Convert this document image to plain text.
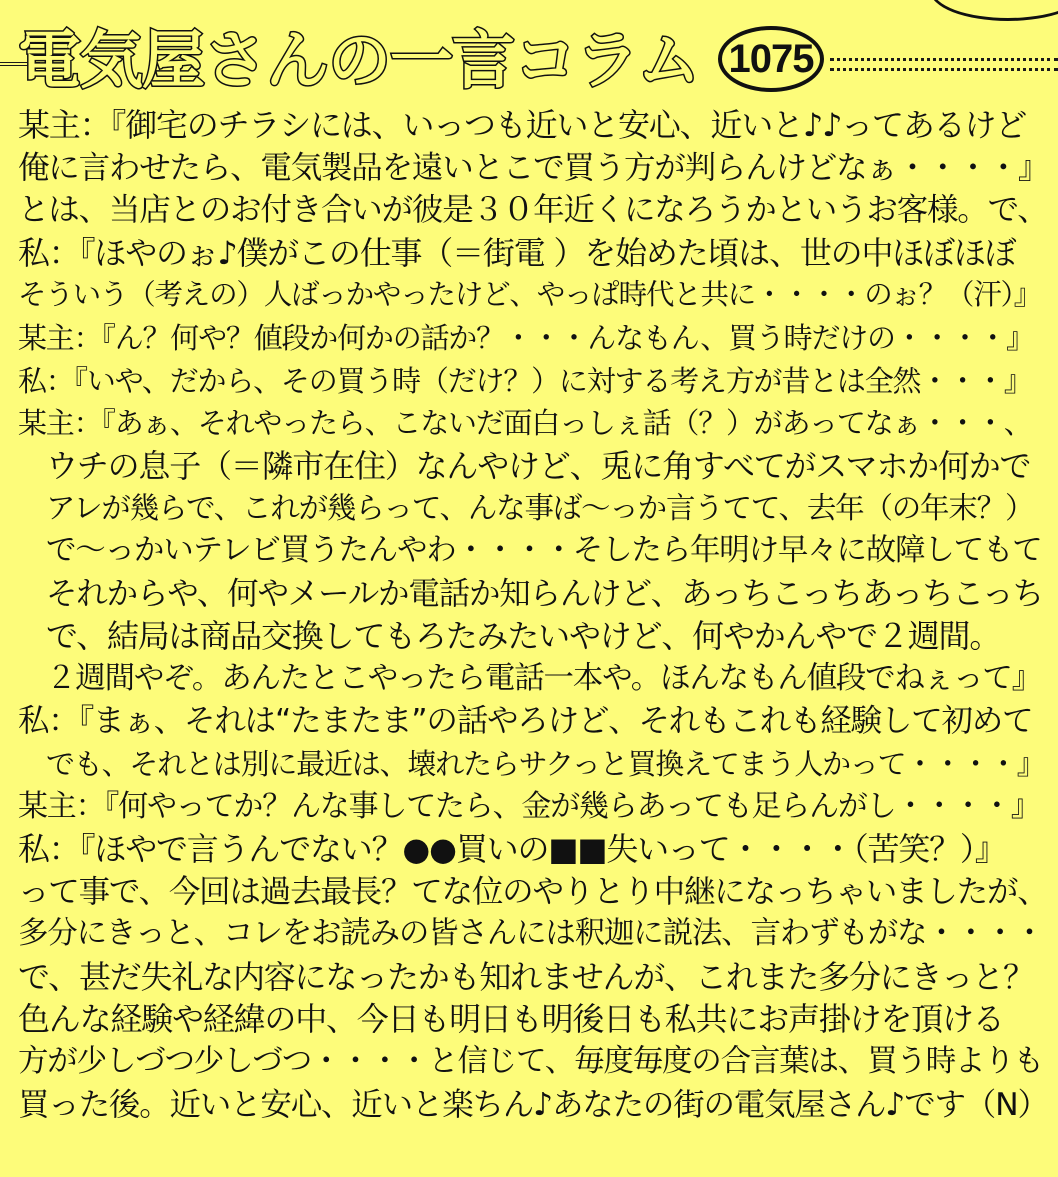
電気屋さんの一言コラム 1075
某主：『御宅のチラシには、いっつも近いと安心、近いと♪♪ってあるけど
俺に言わせたら、電気製品を遠いとこで買う方が判らんけどなぁ・・・・』
とは、当店とのお付き合いが彼是３０年近くになろうかというお客様。で、
私：『ほやのぉ♪僕がこの仕事（＝街電 ）を始めた頃は、世の中ほぼほぼ
そういう（考えの）人ばっかやったけど、やっぱ時代と共に・・・・のぉ？（汗）』
某主：『ん？何や？値段か何かの話か？・・・んなもん、買う時だけの・・・・』
私：『いや、だから、その買う時（だけ？）に対する考え方が昔とは全然・・・』
某主：『あぁ、それやったら、こないだ面白っしぇ話（？）があってなぁ・・・、
ウチの息子（＝隣市在住）なんやけど、兎に角すべてがスマホか何かで
アレが幾らで、これが幾らって、んな事ば～っか言うてて、去年（の年末？）
で～っかいテレビ買うたんやわ・・・・そしたら年明け早々に故障してもて
それからや、何やメールか電話か知らんけど、あっちこっちあっちこっち
で、結局は商品交換してもろたみたいやけど、何やかんやで２週間。
２週間やぞ。あんたとこやったら電話一本や。ほんなもん値段でねぇって』
私：『まぁ、それは“たまたま”の話やろけど、それもこれも経験して初めて
でも、それとは別に最近は、壊れたらサクっと買換えてまう人かって・・・・』
某主：『何やってか？んな事してたら、金が幾らあっても足らんがし・・・・』
私：『ほやで言うんでない？●●買いの■■失いって・・・・（苦笑？）』
って事で、今回は過去最長？てな位のやりとり中継になっちゃいましたが、
多分にきっと、コレをお読みの皆さんには釈迦に説法、言わずもがな・・・・
で、甚だ失礼な内容になったかも知れませんが、これまた多分にきっと？
色んな経験や経緯の中、今日も明日も明後日も私共にお声掛けを頂ける
方が少しづつ少しづつ・・・・と信じて、毎度毎度の合言葉は、買う時よりも
買った後。近いと安心、近いと楽ちん♪あなたの街の電気屋さん♪です（N）
